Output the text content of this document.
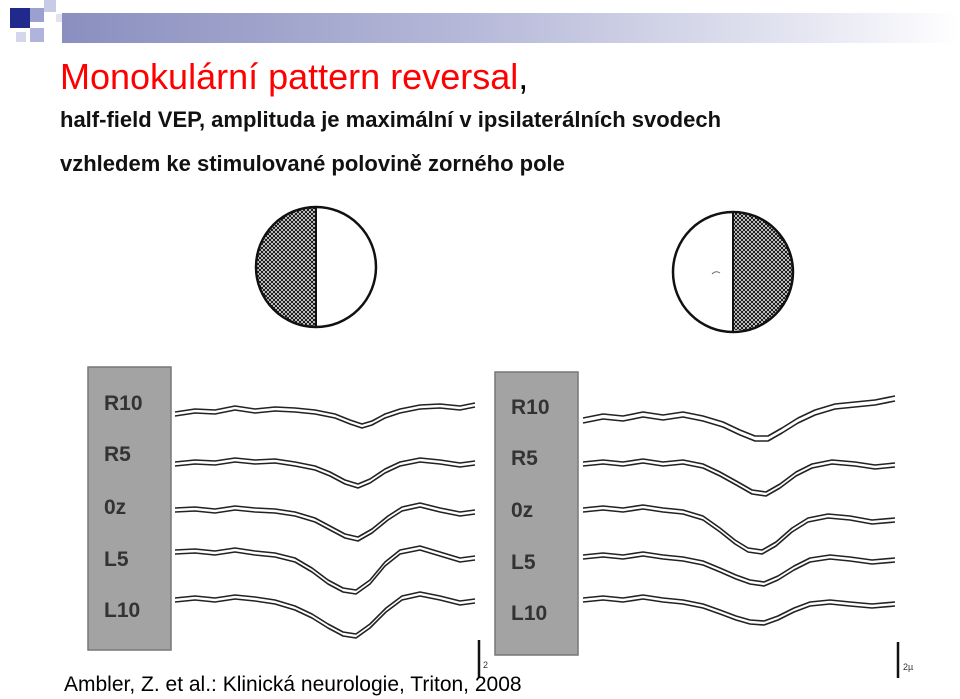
Monokulární pattern reversal,
half-field VEP, amplituda je maximální v ipsilaterálních svodech
vzhledem ke stimulované polovině zorného pole
R10
R5
0z
L5
L10
R10
R5
0z
L5
L10
2	2µ
Ambler, Z. et al.: Klinická neurologie, Triton, 2008
